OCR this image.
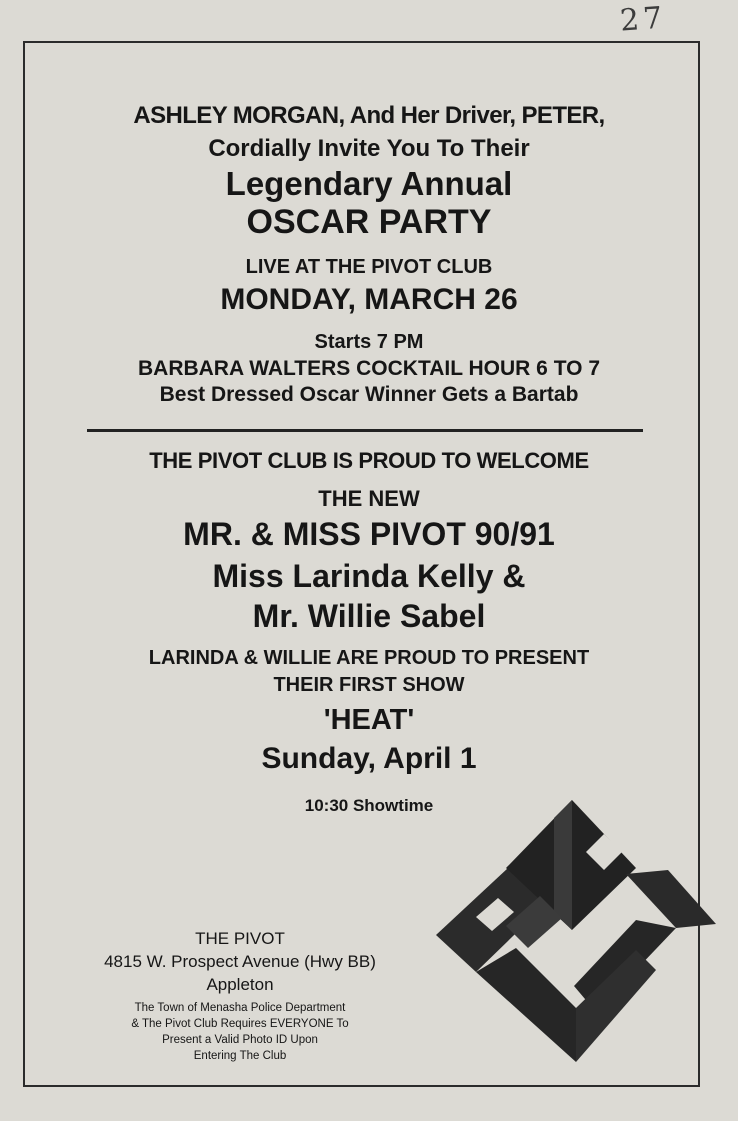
27
ASHLEY MORGAN, And Her Driver, PETER,
Cordially Invite You To Their
Legendary Annual
OSCAR PARTY
LIVE AT THE PIVOT CLUB
MONDAY, MARCH 26
Starts 7 PM
BARBARA WALTERS COCKTAIL HOUR 6 TO 7
Best Dressed Oscar Winner Gets a Bartab
THE PIVOT CLUB IS PROUD TO WELCOME
THE NEW
MR. & MISS PIVOT 90/91
Miss Larinda Kelly &
Mr. Willie Sabel
LARINDA & WILLIE ARE PROUD TO PRESENT
THEIR FIRST SHOW
'HEAT'
Sunday, April 1
10:30 Showtime
THE PIVOT
4815 W. Prospect Avenue (Hwy BB)
Appleton
The Town of Menasha Police Department
& The Pivot Club Requires EVERYONE To
Present a Valid Photo ID Upon
Entering The Club
